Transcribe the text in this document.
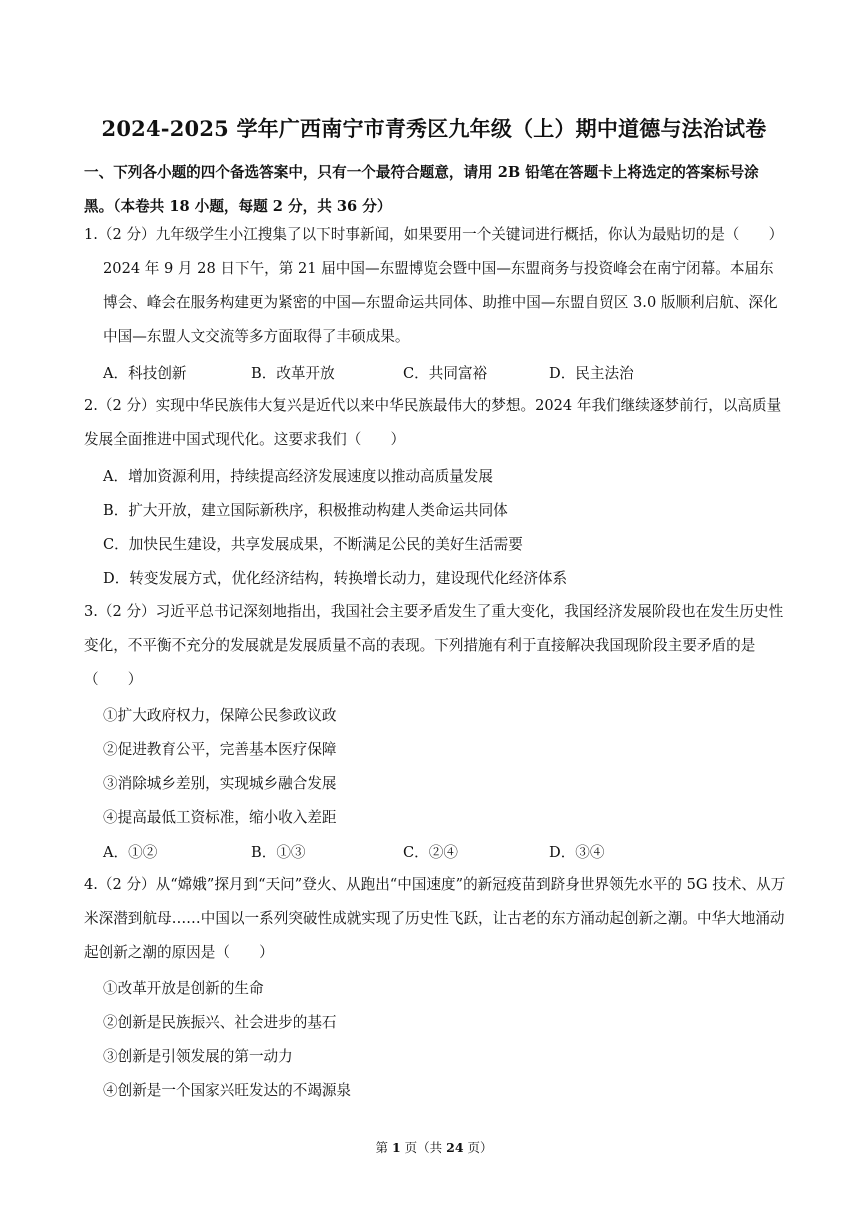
2024-2025 学年广西南宁市青秀区九年级（上）期中道德与法治试卷
一、下列各小题的四个备选答案中，只有一个最符合题意，请用 2B 铅笔在答题卡上将选定的答案标号涂黑。（本卷共 18 小题，每题 2 分，共 36 分）
1.（2 分）九年级学生小江搜集了以下时事新闻，如果要用一个关键词进行概括，你认为最贴切的是（　　）
2024 年 9 月 28 日下午，第 21 届中国—东盟博览会暨中国—东盟商务与投资峰会在南宁闭幕。本届东博会、峰会在服务构建更为紧密的中国—东盟命运共同体、助推中国—东盟自贸区 3.0 版顺利启航、深化中国—东盟人文交流等多方面取得了丰硕成果。
A．科技创新	B．改革开放	C．共同富裕	D．民主法治
2.（2 分）实现中华民族伟大复兴是近代以来中华民族最伟大的梦想。2024 年我们继续逐梦前行，以高质量发展全面推进中国式现代化。这要求我们（　　）
A．增加资源利用，持续提高经济发展速度以推动高质量发展
B．扩大开放，建立国际新秩序，积极推动构建人类命运共同体
C．加快民生建设，共享发展成果，不断满足公民的美好生活需要
D．转变发展方式，优化经济结构，转换增长动力，建设现代化经济体系
3.（2 分）习近平总书记深刻地指出，我国社会主要矛盾发生了重大变化，我国经济发展阶段也在发生历史性变化，不平衡不充分的发展就是发展质量不高的表现。下列措施有利于直接解决我国现阶段主要矛盾的是（　　）
①扩大政府权力，保障公民参政议政
②促进教育公平，完善基本医疗保障
③消除城乡差别，实现城乡融合发展
④提高最低工资标准，缩小收入差距
A．①②	B．①③	C．②④	D．③④
4.（2 分）从“嫦娥”探月到“天问”登火、从跑出“中国速度”的新冠疫苗到跻身世界领先水平的 5G 技术、从万米深潜到航母……中国以一系列突破性成就实现了历史性飞跃，让古老的东方涌动起创新之潮。中华大地涌动起创新之潮的原因是（　　）
①改革开放是创新的生命
②创新是民族振兴、社会进步的基石
③创新是引领发展的第一动力
④创新是一个国家兴旺发达的不竭源泉
第 1 页（共 24 页）
